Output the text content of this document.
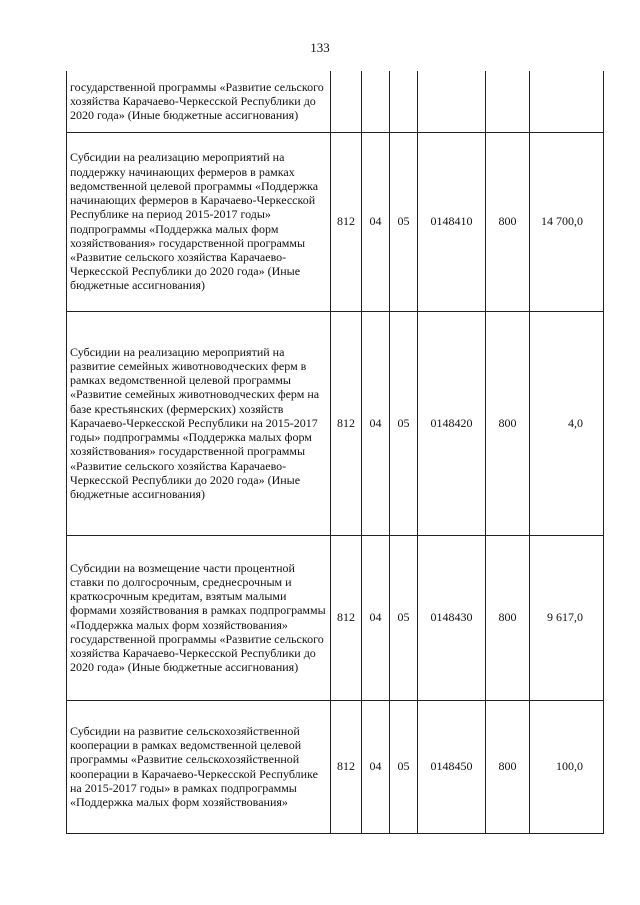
133
государственной программы «Развитие сельского хозяйства Карачаево-Черкесской Республики до 2020 года» (Иные бюджетные ассигнования)						
Субсидии на реализацию мероприятий на поддержку начинающих фермеров в рамках ведомственной целевой программы «Поддержка начинающих фермеров в Карачаево-Черкесской Республике на период 2015-2017 годы» подпрограммы «Поддержка малых форм хозяйствования» государственной программы «Развитие сельского хозяйства Карачаево-Черкесской Республики до 2020 года» (Иные бюджетные ассигнования)	812	04	05	0148410	800	14 700,0
Субсидии на реализацию мероприятий на развитие семейных животноводческих ферм в рамках ведомственной целевой программы «Развитие семейных животноводческих ферм на базе крестьянских (фермерских) хозяйств Карачаево-Черкесской Республики на 2015-2017 годы» подпрограммы «Поддержка малых форм хозяйствования» государственной программы «Развитие сельского хозяйства Карачаево-Черкесской Республики до 2020 года» (Иные бюджетные ассигнования)	812	04	05	0148420	800	4,0
Субсидии на возмещение части процентной ставки по долгосрочным, среднесрочным и краткосрочным кредитам, взятым малыми формами хозяйствования в рамках подпрограммы «Поддержка малых форм хозяйствования» государственной программы «Развитие сельского хозяйства Карачаево-Черкесской Республики до 2020 года» (Иные бюджетные ассигнования)	812	04	05	0148430	800	9 617,0
Субсидии на развитие сельскохозяйственной кооперации в рамках ведомственной целевой программы «Развитие сельскохозяйственной кооперации в Карачаево-Черкесской Республике на 2015-2017 годы» в рамках подпрограммы «Поддержка малых форм хозяйствования»	812	04	05	0148450	800	100,0
